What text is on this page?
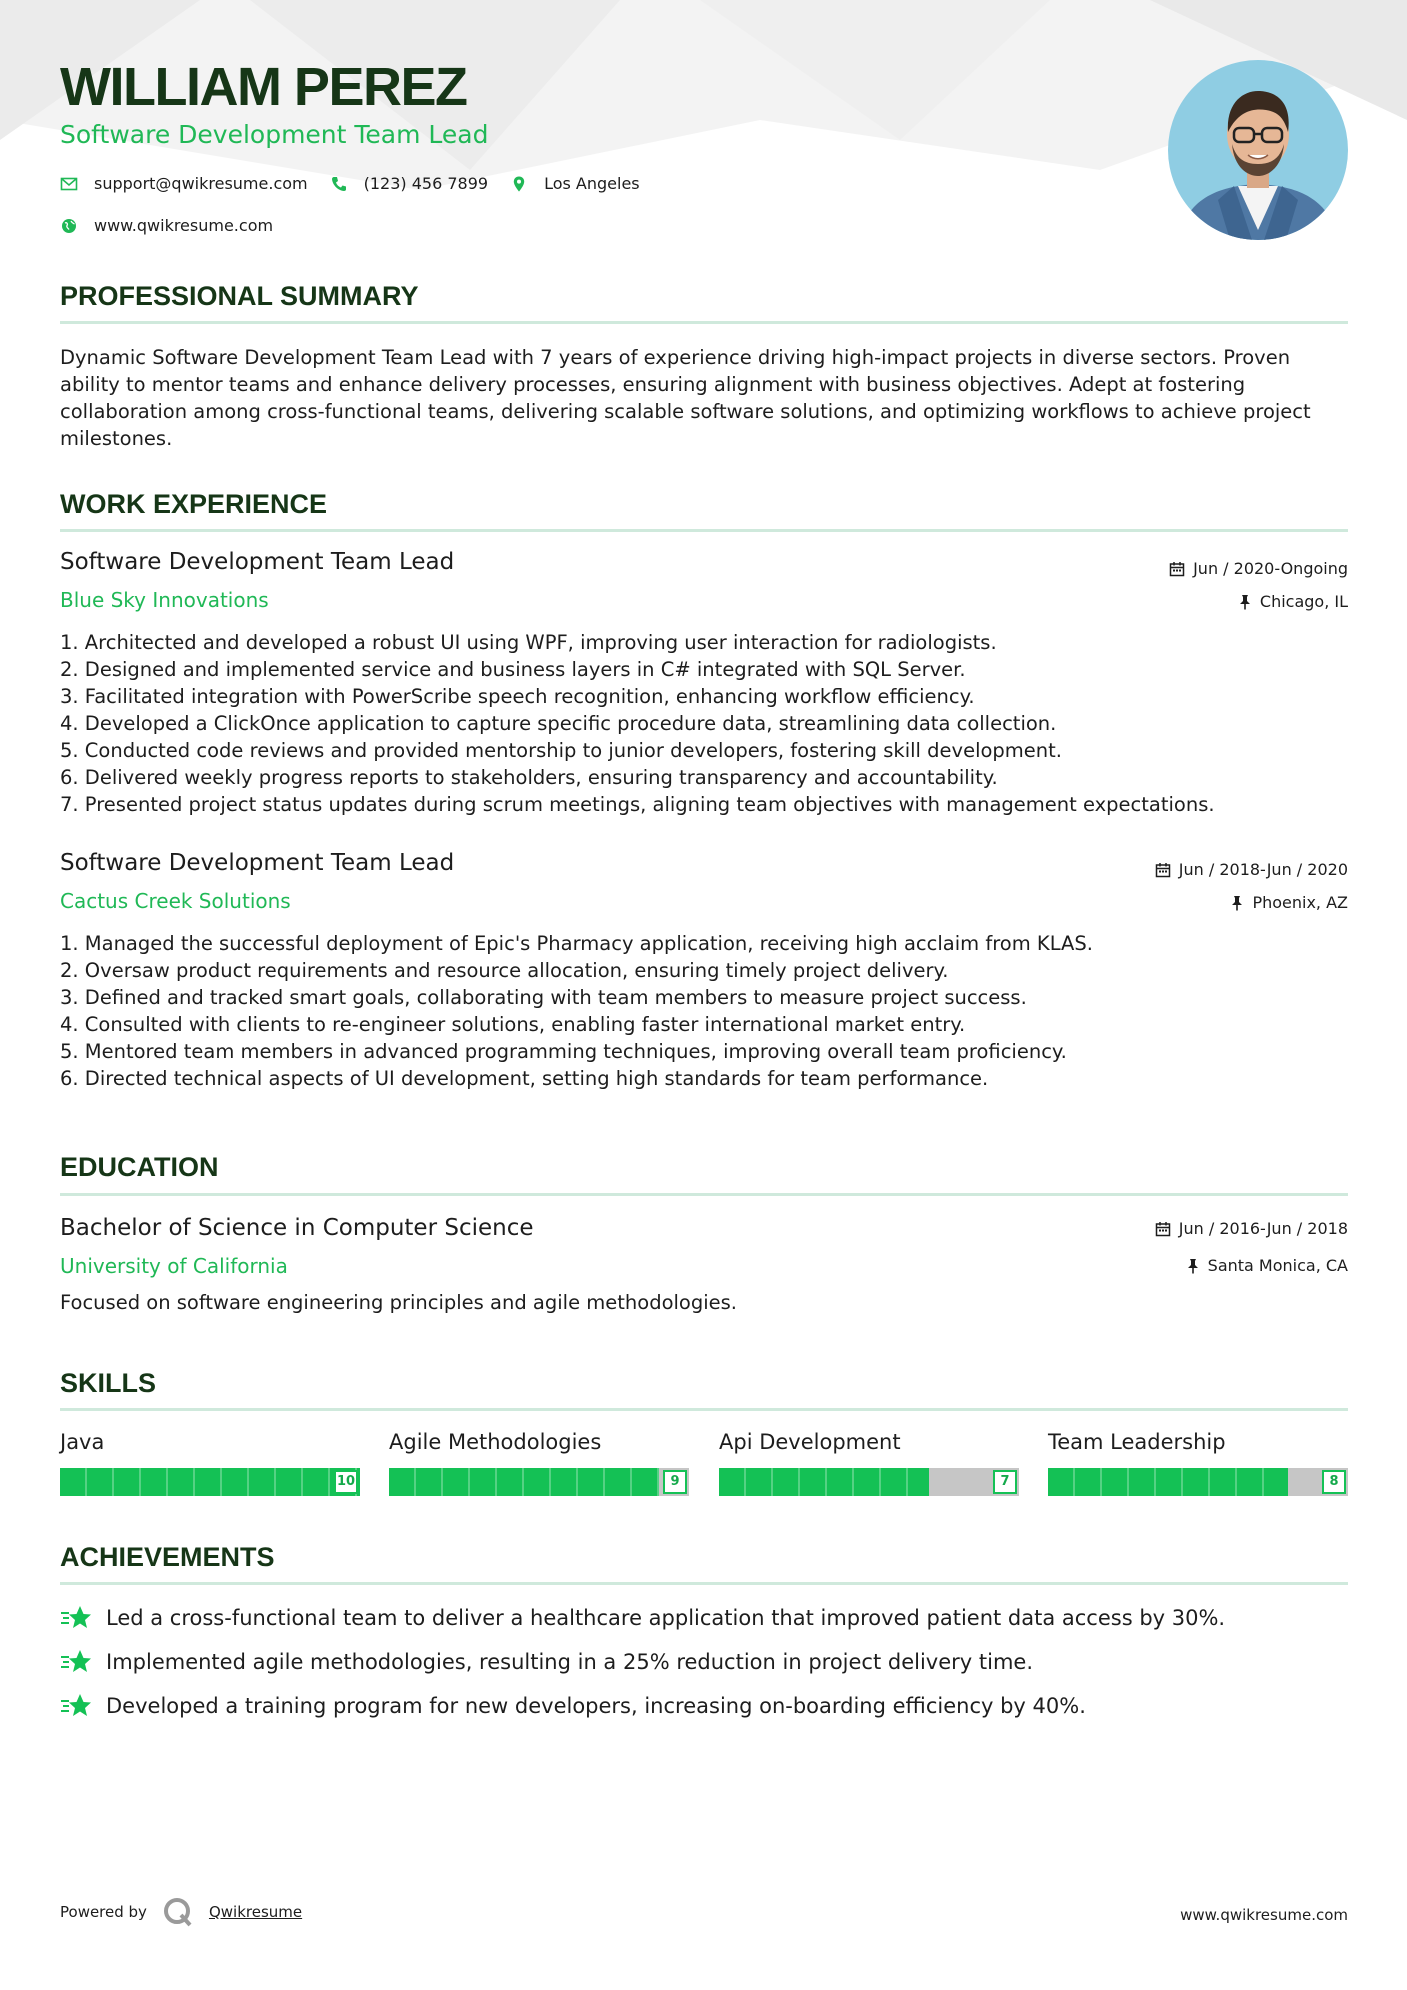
WILLIAM PEREZ
Software Development Team Lead
support@qwikresume.com	(123) 456 7899	Los Angeles
www.qwikresume.com
PROFESSIONAL SUMMARY
Dynamic Software Development Team Lead with 7 years of experience driving high-impact projects in diverse sectors. Proven ability to mentor teams and enhance delivery processes, ensuring alignment with business objectives. Adept at fostering collaboration among cross-functional teams, delivering scalable software solutions, and optimizing workflows to achieve project milestones.
WORK EXPERIENCE
Software Development Team Lead
Blue Sky Innovations
Jun / 2020-Ongoing
Chicago, IL
1. Architected and developed a robust UI using WPF, improving user interaction for radiologists.
2. Designed and implemented service and business layers in C# integrated with SQL Server.
3. Facilitated integration with PowerScribe speech recognition, enhancing workflow efficiency.
4. Developed a ClickOnce application to capture specific procedure data, streamlining data collection.
5. Conducted code reviews and provided mentorship to junior developers, fostering skill development.
6. Delivered weekly progress reports to stakeholders, ensuring transparency and accountability.
7. Presented project status updates during scrum meetings, aligning team objectives with management expectations.
Software Development Team Lead
Cactus Creek Solutions
Jun / 2018-Jun / 2020
Phoenix, AZ
1. Managed the successful deployment of Epic's Pharmacy application, receiving high acclaim from KLAS.
2. Oversaw product requirements and resource allocation, ensuring timely project delivery.
3. Defined and tracked smart goals, collaborating with team members to measure project success.
4. Consulted with clients to re-engineer solutions, enabling faster international market entry.
5. Mentored team members in advanced programming techniques, improving overall team proficiency.
6. Directed technical aspects of UI development, setting high standards for team performance.
EDUCATION
Bachelor of Science in Computer Science
University of California
Jun / 2016-Jun / 2018
Santa Monica, CA
Focused on software engineering principles and agile methodologies.
SKILLS
Java
10
Agile Methodologies
9
Api Development
7
Team Leadership
8
ACHIEVEMENTS
Led a cross-functional team to deliver a healthcare application that improved patient data access by 30%.
Implemented agile methodologies, resulting in a 25% reduction in project delivery time.
Developed a training program for new developers, increasing on-boarding efficiency by 40%.
Powered by	Qwikresume	www.qwikresume.com
